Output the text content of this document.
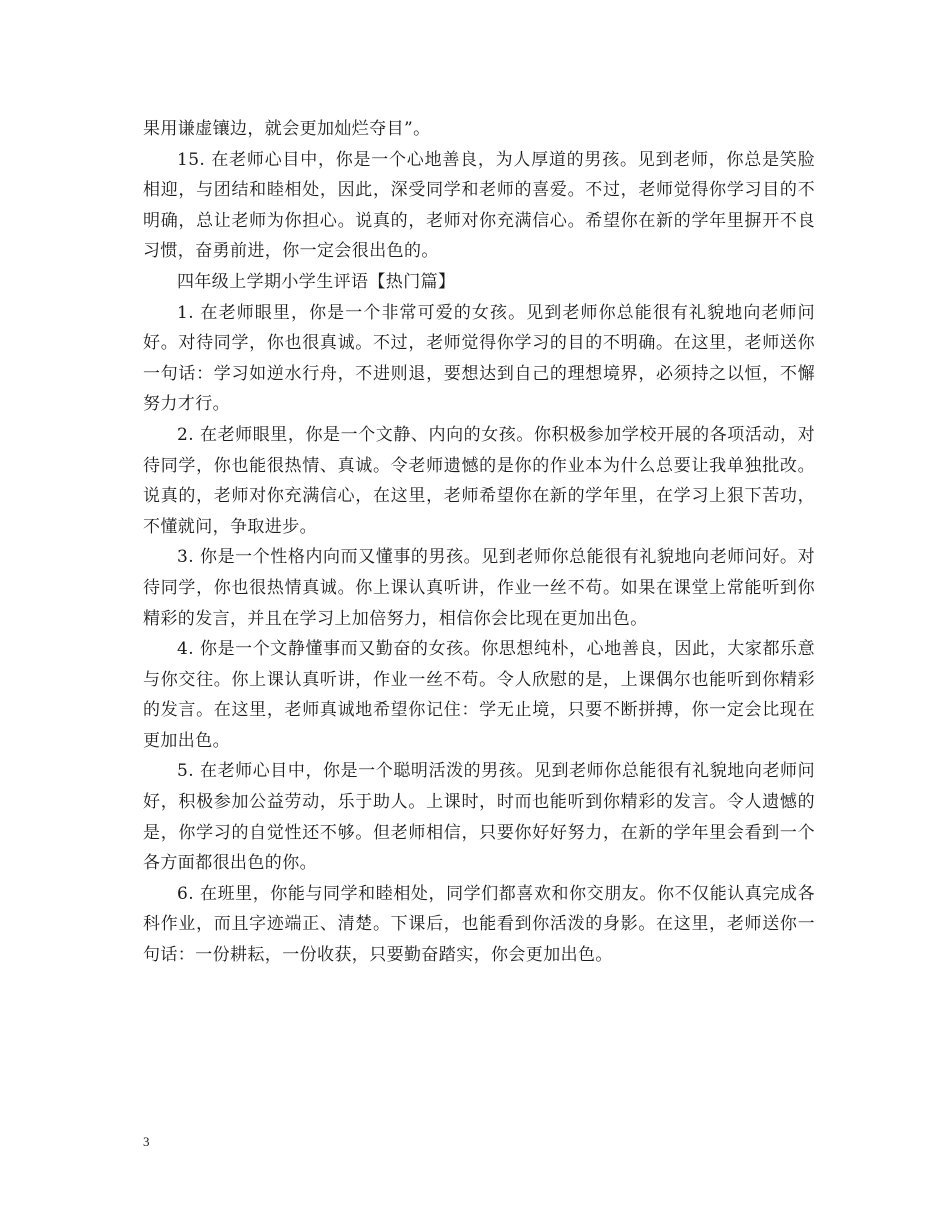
果用谦虚镶边，就会更加灿烂夺目”。

15. 在老师心目中，你是一个心地善良，为人厚道的男孩。见到老师，你总是笑脸相迎，与团结和睦相处，因此，深受同学和老师的喜爱。不过，老师觉得你学习目的不明确，总让老师为你担心。说真的，老师对你充满信心。希望你在新的学年里摒开不良习惯，奋勇前进，你一定会很出色的。

四年级上学期小学生评语【热门篇】

1. 在老师眼里，你是一个非常可爱的女孩。见到老师你总能很有礼貌地向老师问好。对待同学，你也很真诚。不过，老师觉得你学习的目的不明确。在这里，老师送你一句话：学习如逆水行舟，不进则退，要想达到自己的理想境界，必须持之以恒，不懈努力才行。

2. 在老师眼里，你是一个文静、内向的女孩。你积极参加学校开展的各项活动，对待同学，你也能很热情、真诚。令老师遗憾的是你的作业本为什么总要让我单独批改。说真的，老师对你充满信心，在这里，老师希望你在新的学年里，在学习上狠下苦功，不懂就问，争取进步。

3. 你是一个性格内向而又懂事的男孩。见到老师你总能很有礼貌地向老师问好。对待同学，你也很热情真诚。你上课认真听讲，作业一丝不苟。如果在课堂上常能听到你精彩的发言，并且在学习上加倍努力，相信你会比现在更加出色。

4. 你是一个文静懂事而又勤奋的女孩。你思想纯朴，心地善良，因此，大家都乐意与你交往。你上课认真听讲，作业一丝不苟。令人欣慰的是，上课偶尔也能听到你精彩的发言。在这里，老师真诚地希望你记住：学无止境，只要不断拼搏，你一定会比现在更加出色。

5. 在老师心目中，你是一个聪明活泼的男孩。见到老师你总能很有礼貌地向老师问好，积极参加公益劳动，乐于助人。上课时，时而也能听到你精彩的发言。令人遗憾的是，你学习的自觉性还不够。但老师相信，只要你好好努力，在新的学年里会看到一个各方面都很出色的你。

6. 在班里，你能与同学和睦相处，同学们都喜欢和你交朋友。你不仅能认真完成各科作业，而且字迹端正、清楚。下课后，也能看到你活泼的身影。在这里，老师送你一句话：一份耕耘，一份收获，只要勤奋踏实，你会更加出色。

3
